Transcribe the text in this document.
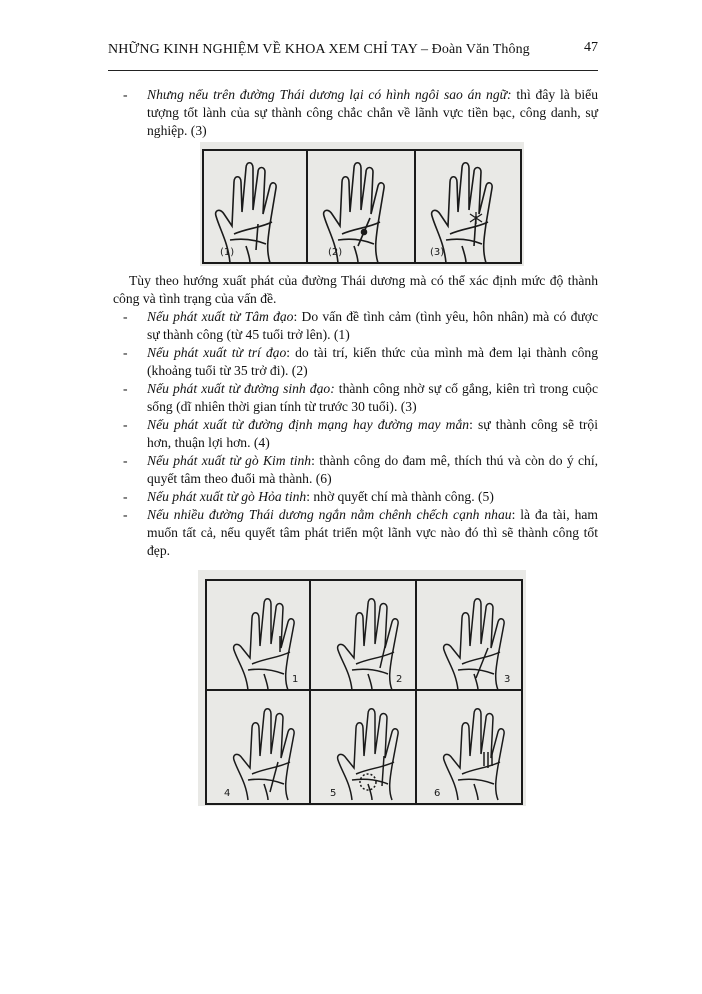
NHỮNG KINH NGHIỆM VỀ KHOA XEM CHỈ TAY – Đoàn Văn Thông	47
- Nhưng nếu trên đường Thái dương lại có hình ngôi sao án ngữ: thì đây là biểu tượng tốt lành của sự thành công chắc chắn về lãnh vực tiền bạc, công danh, sự nghiệp. (3)
(1)	(2)	(3)
Tùy theo hướng xuất phát của đường Thái dương mà có thể xác định mức độ thành công và tình trạng của vấn đề.
- Nếu phát xuất từ Tâm đạo: Do vấn đề tình cảm (tình yêu, hôn nhân) mà có được sự thành công (từ 45 tuổi trở lên). (1)
- Nếu phát xuất từ trí đạo: do tài trí, kiến thức của mình mà đem lại thành công (khoảng tuổi từ 35 trở đi). (2)
- Nếu phát xuất từ đường sinh đạo: thành công nhờ sự cố gắng, kiên trì trong cuộc sống (dĩ nhiên thời gian tính từ trước 30 tuổi). (3)
- Nếu phát xuất từ đường định mạng hay đường may mắn: sự thành công sẽ trội hơn, thuận lợi hơn. (4)
- Nếu phát xuất từ gò Kim tinh: thành công do đam mê, thích thú và còn do ý chí, quyết tâm theo đuổi mà thành. (6)
- Nếu phát xuất từ gò Hỏa tinh: nhờ quyết chí mà thành công. (5)
- Nếu nhiều đường Thái dương ngắn nằm chênh chếch cạnh nhau: là đa tài, ham muốn tất cả, nếu quyết tâm phát triển một lãnh vực nào đó thì sẽ thành công tốt đẹp.
1	2	3
4	5	6
